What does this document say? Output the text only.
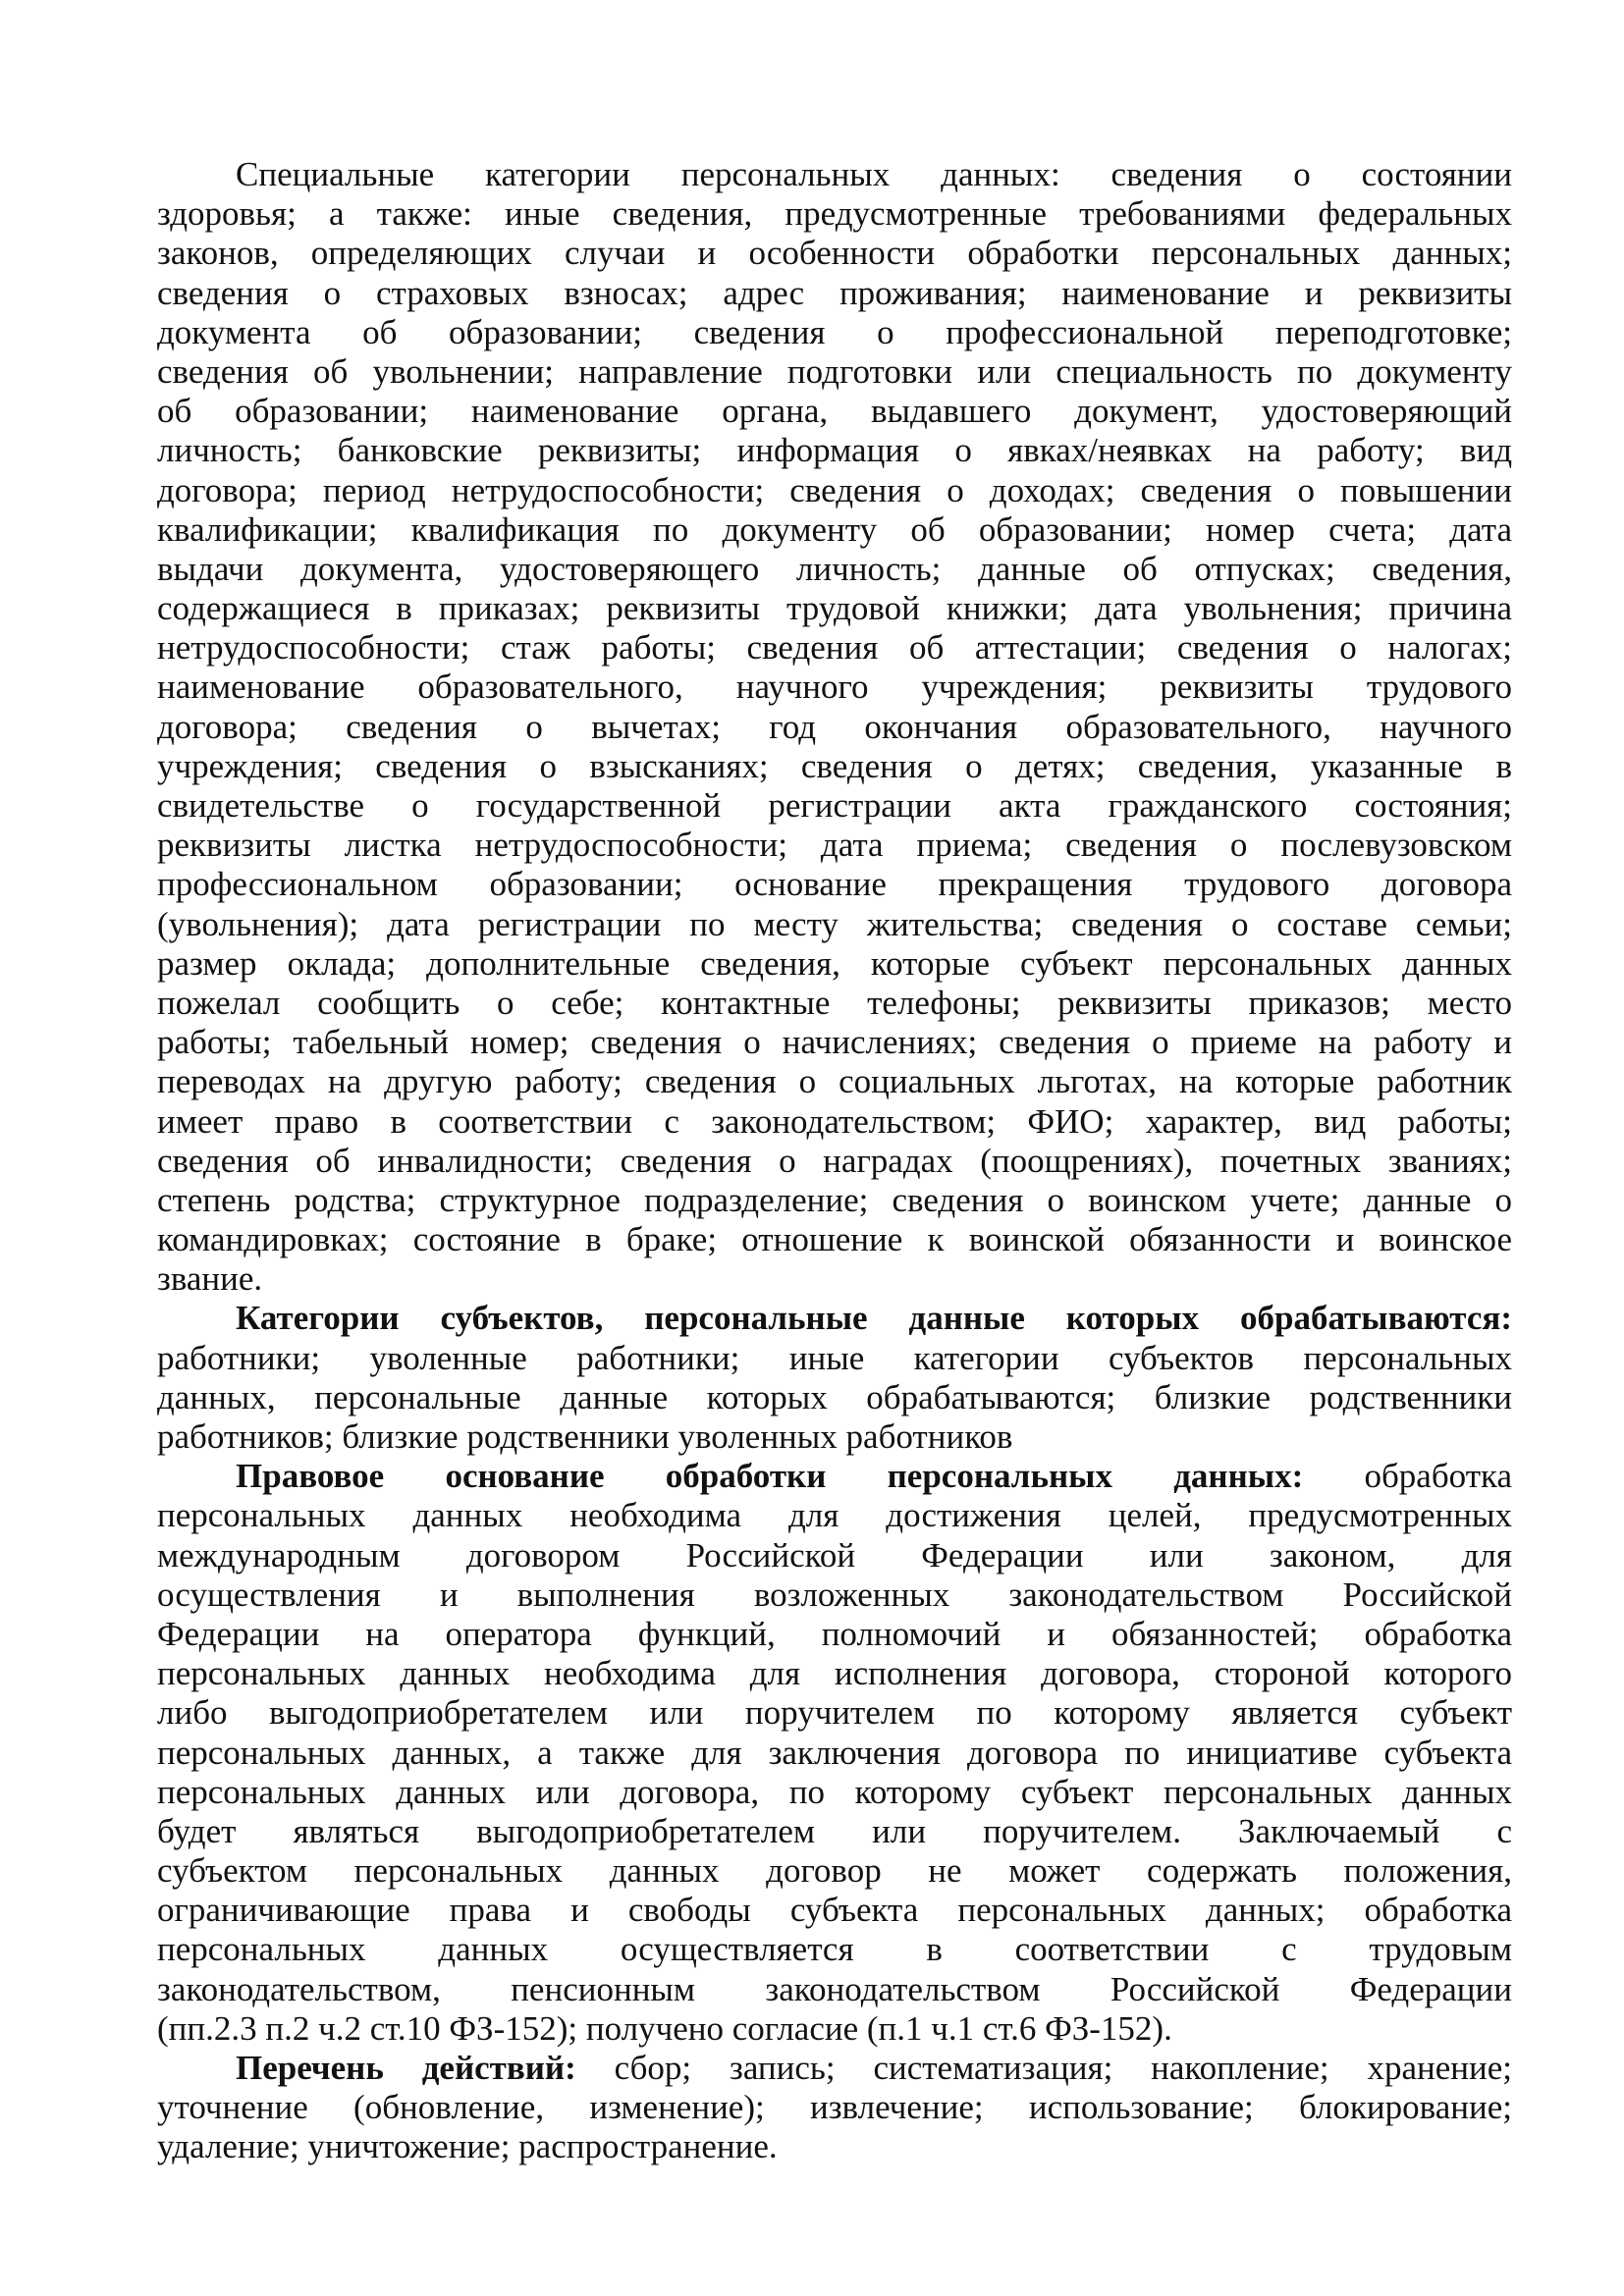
Специальные категории персональных данных: сведения о состоянии
здоровья; а также: иные сведения, предусмотренные требованиями федеральных
законов, определяющих случаи и особенности обработки персональных данных;
сведения о страховых взносах; адрес проживания; наименование и реквизиты
документа об образовании; сведения о профессиональной переподготовке;
сведения об увольнении; направление подготовки или специальность по документу
об образовании; наименование органа, выдавшего документ, удостоверяющий
личность; банковские реквизиты; информация о явках/неявках на работу; вид
договора; период нетрудоспособности; сведения о доходах; сведения о повышении
квалификации; квалификация по документу об образовании; номер счета; дата
выдачи документа, удостоверяющего личность; данные об отпусках; сведения,
содержащиеся в приказах; реквизиты трудовой книжки; дата увольнения; причина
нетрудоспособности; стаж работы; сведения об аттестации; сведения о налогах;
наименование образовательного, научного учреждения; реквизиты трудового
договора; сведения о вычетах; год окончания образовательного, научного
учреждения; сведения о взысканиях; сведения о детях; сведения, указанные в
свидетельстве о государственной регистрации акта гражданского состояния;
реквизиты листка нетрудоспособности; дата приема; сведения о послевузовском
профессиональном образовании; основание прекращения трудового договора
(увольнения); дата регистрации по месту жительства; сведения о составе семьи;
размер оклада; дополнительные сведения, которые субъект персональных данных
пожелал сообщить о себе; контактные телефоны; реквизиты приказов; место
работы; табельный номер; сведения о начислениях; сведения о приеме на работу и
переводах на другую работу; сведения о социальных льготах, на которые работник
имеет право в соответствии с законодательством; ФИО; характер, вид работы;
сведения об инвалидности; сведения о наградах (поощрениях), почетных званиях;
степень родства; структурное подразделение; сведения о воинском учете; данные о
командировках; состояние в браке; отношение к воинской обязанности и воинское
звание.
Категории субъектов, персональные данные которых обрабатываются:
работники; уволенные работники; иные категории субъектов персональных
данных, персональные данные которых обрабатываются; близкие родственники
работников; близкие родственники уволенных работников
Правовое основание обработки персональных данных: обработка
персональных данных необходима для достижения целей, предусмотренных
международным договором Российской Федерации или законом, для
осуществления и выполнения возложенных законодательством Российской
Федерации на оператора функций, полномочий и обязанностей; обработка
персональных данных необходима для исполнения договора, стороной которого
либо выгодоприобретателем или поручителем по которому является субъект
персональных данных, а также для заключения договора по инициативе субъекта
персональных данных или договора, по которому субъект персональных данных
будет являться выгодоприобретателем или поручителем. Заключаемый с
субъектом персональных данных договор не может содержать положения,
ограничивающие права и свободы субъекта персональных данных; обработка
персональных данных осуществляется в соответствии с трудовым
законодательством, пенсионным законодательством Российской Федерации
(пп.2.3 п.2 ч.2 ст.10 ФЗ-152); получено согласие (п.1 ч.1 ст.6 ФЗ-152).
Перечень действий: сбор; запись; систематизация; накопление; хранение;
уточнение (обновление, изменение); извлечение; использование; блокирование;
удаление; уничтожение; распространение.
